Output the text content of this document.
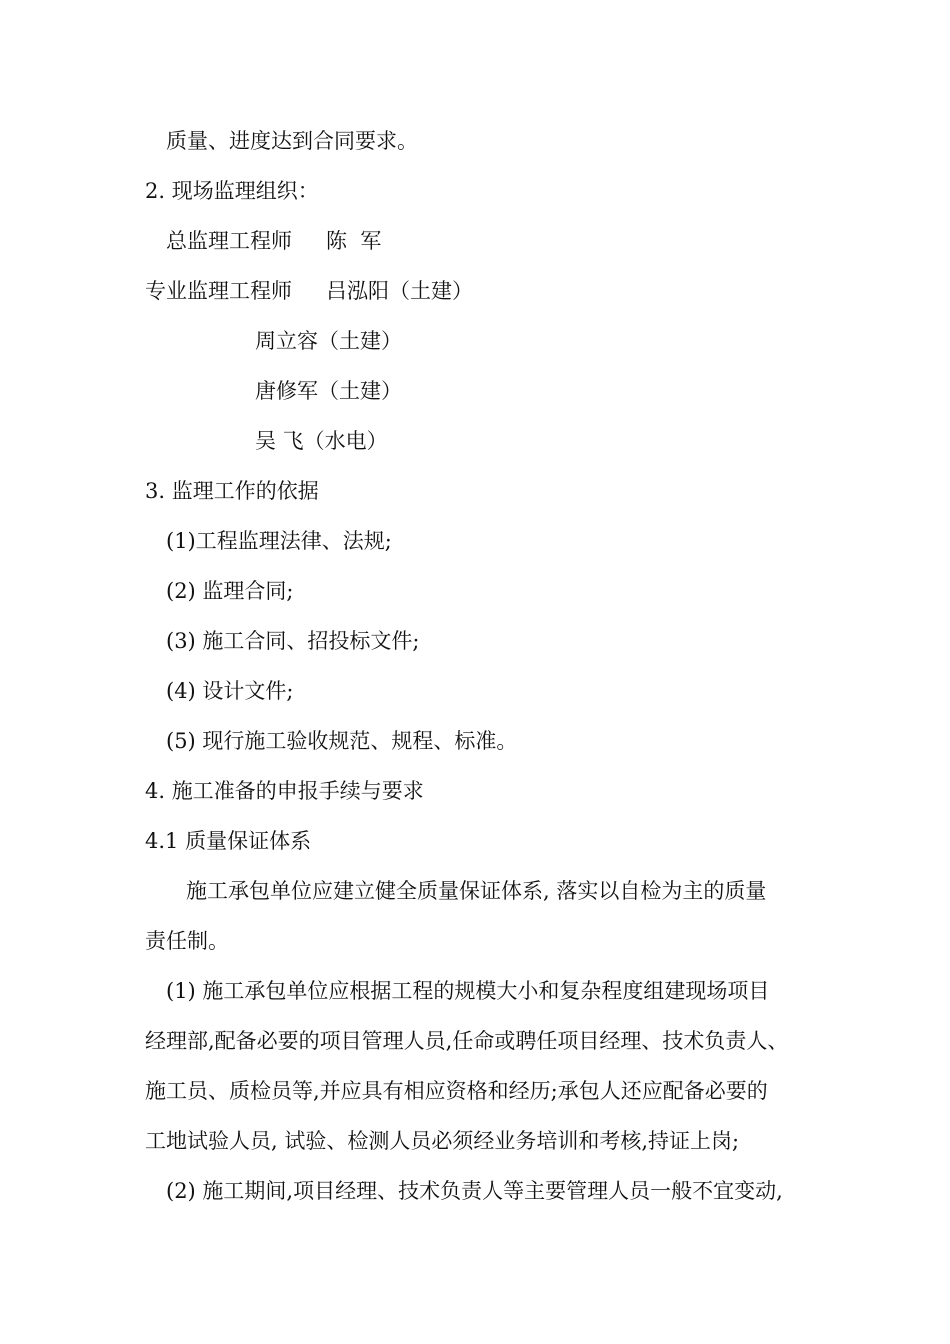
质量、进度达到合同要求。
2. 现场监理组织：
总监理工程师 陈  军
专业监理工程师 吕泓阳（土建）
周立容（土建）
唐修军（土建）
吴 飞（水电）
3. 监理工作的依据
(1)工程监理法律、法规;
(2) 监理合同;
(3) 施工合同、招投标文件;
(4) 设计文件;
(5) 现行施工验收规范、规程、标准。
4. 施工准备的申报手续与要求
4.1 质量保证体系
施工承包单位应建立健全质量保证体系, 落实以自检为主的质量
责任制。
(1) 施工承包单位应根据工程的规模大小和复杂程度组建现场项目
经理部,配备必要的项目管理人员,任命或聘任项目经理、技术负责人、
施工员、质检员等,并应具有相应资格和经历;承包人还应配备必要的
工地试验人员, 试验、检测人员必须经业务培训和考核,持证上岗;
(2) 施工期间,项目经理、技术负责人等主要管理人员一般不宜变动,
